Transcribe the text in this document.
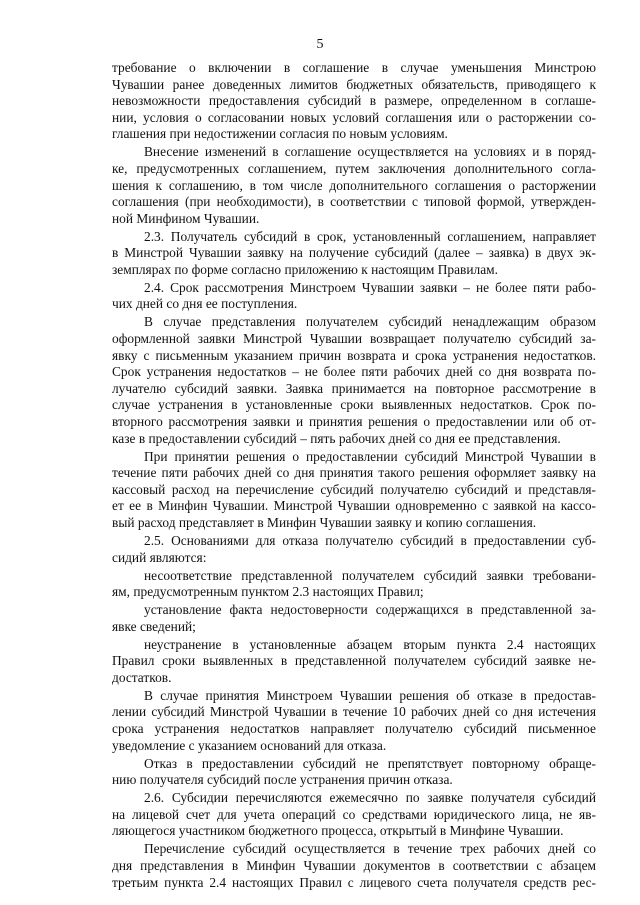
5
требование о включении в соглашение в случае уменьшения Минстрою
Чувашии ранее доведенных лимитов бюджетных обязательств, приводящего к
невозможности предоставления субсидий в размере, определенном в соглаше-
нии, условия о согласовании новых условий соглашения или о расторжении со-
глашения при недостижении согласия по новым условиям.
Внесение изменений в соглашение осуществляется на условиях и в поряд-
ке, предусмотренных соглашением, путем заключения дополнительного согла-
шения к соглашению, в том числе дополнительного соглашения о расторжении
соглашения (при необходимости), в соответствии с типовой формой, утвержден-
ной Минфином Чувашии.
2.3. Получатель субсидий в срок, установленный соглашением, направляет
в Минстрой Чувашии заявку на получение субсидий (далее – заявка) в двух эк-
земплярах по форме согласно приложению к настоящим Правилам.
2.4. Срок рассмотрения Минстроем Чувашии заявки – не более пяти рабо-
чих дней со дня ее поступления.
В случае представления получателем субсидий ненадлежащим образом
оформленной заявки Минстрой Чувашии возвращает получателю субсидий за-
явку с письменным указанием причин возврата и срока устранения недостатков.
Срок устранения недостатков – не более пяти рабочих дней со дня возврата по-
лучателю субсидий заявки. Заявка принимается на повторное рассмотрение в
случае устранения в установленные сроки выявленных недостатков. Срок по-
вторного рассмотрения заявки и принятия решения о предоставлении или об от-
казе в предоставлении субсидий – пять рабочих дней со дня ее представления.
При принятии решения о предоставлении субсидий Минстрой Чувашии в
течение пяти рабочих дней со дня принятия такого решения оформляет заявку на
кассовый расход на перечисление субсидий получателю субсидий и представля-
ет ее в Минфин Чувашии. Минстрой Чувашии одновременно с заявкой на кассо-
вый расход представляет в Минфин Чувашии заявку и копию соглашения.
2.5. Основаниями для отказа получателю субсидий в предоставлении суб-
сидий являются:
несоответствие представленной получателем субсидий заявки требовани-
ям, предусмотренным пунктом 2.3 настоящих Правил;
установление факта недостоверности содержащихся в представленной за-
явке сведений;
неустранение в установленные абзацем вторым пункта 2.4 настоящих
Правил сроки выявленных в представленной получателем субсидий заявке не-
достатков.
В случае принятия Минстроем Чувашии решения об отказе в предостав-
лении субсидий Минстрой Чувашии в течение 10 рабочих дней со дня истечения
срока устранения недостатков направляет получателю субсидий письменное
уведомление с указанием оснований для отказа.
Отказ в предоставлении субсидий не препятствует повторному обраще-
нию получателя субсидий после устранения причин отказа.
2.6. Субсидии перечисляются ежемесячно по заявке получателя субсидий
на лицевой счет для учета операций со средствами юридического лица, не яв-
ляющегося участником бюджетного процесса, открытый в Минфине Чувашии.
Перечисление субсидий осуществляется в течение трех рабочих дней со
дня представления в Минфин Чувашии документов в соответствии с абзацем
третьим пункта 2.4 настоящих Правил с лицевого счета получателя средств рес-
